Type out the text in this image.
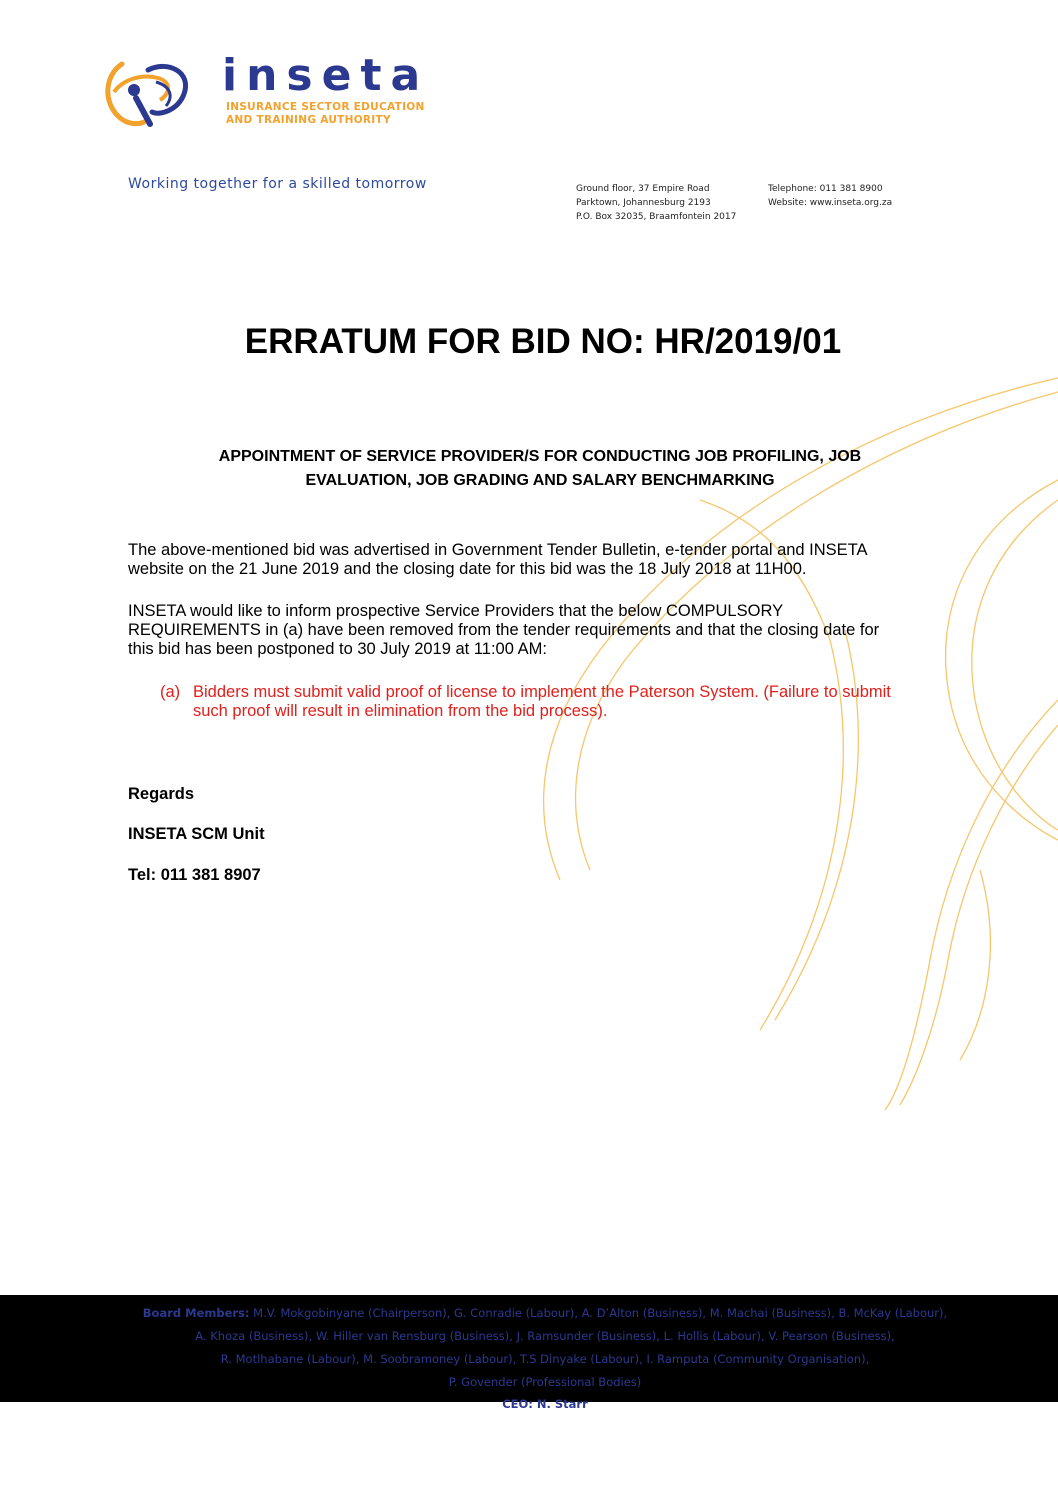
inseta
INSURANCE SECTOR EDUCATION
AND TRAINING AUTHORITY
Working together for a skilled tomorrow	Ground floor, 37 Empire Road
Parktown, Johannesburg 2193
P.O. Box 32035, Braamfontein 2017
Telephone: 011 381 8900
Website: www.inseta.org.za
ERRATUM FOR BID NO: HR/2019/01
APPOINTMENT OF SERVICE PROVIDER/S FOR CONDUCTING JOB PROFILING, JOB
EVALUATION, JOB GRADING AND SALARY BENCHMARKING
The above-mentioned bid was advertised in Government Tender Bulletin, e-tender portal and INSETA
website on the 21 June 2019 and the closing date for this bid was the 18 July 2018 at 11H00.
INSETA would like to inform prospective Service Providers that the below COMPULSORY
REQUIREMENTS in (a) have been removed from the tender requirements and that the closing date for
this bid has been postponed to 30 July 2019 at 11:00 AM:
(a) Bidders must submit valid proof of license to implement the Paterson System. (Failure to submit
such proof will result in elimination from the bid process).
Regards
INSETA SCM Unit
Tel: 011 381 8907
Board Members: M.V. Mokgobinyane (Chairperson), G. Conradie (Labour), A. D’Alton (Business), M. Machai (Business), B. McKay (Labour),
A. Khoza (Business), W. Hiller van Rensburg (Business), J. Ramsunder (Business), L. Hollis (Labour), V. Pearson (Business),
R. Motlhabane (Labour), M. Soobramoney (Labour), T.S Dinyake (Labour), I. Ramputa (Community Organisation),
P. Govender (Professional Bodies)
CEO: N. Starr
